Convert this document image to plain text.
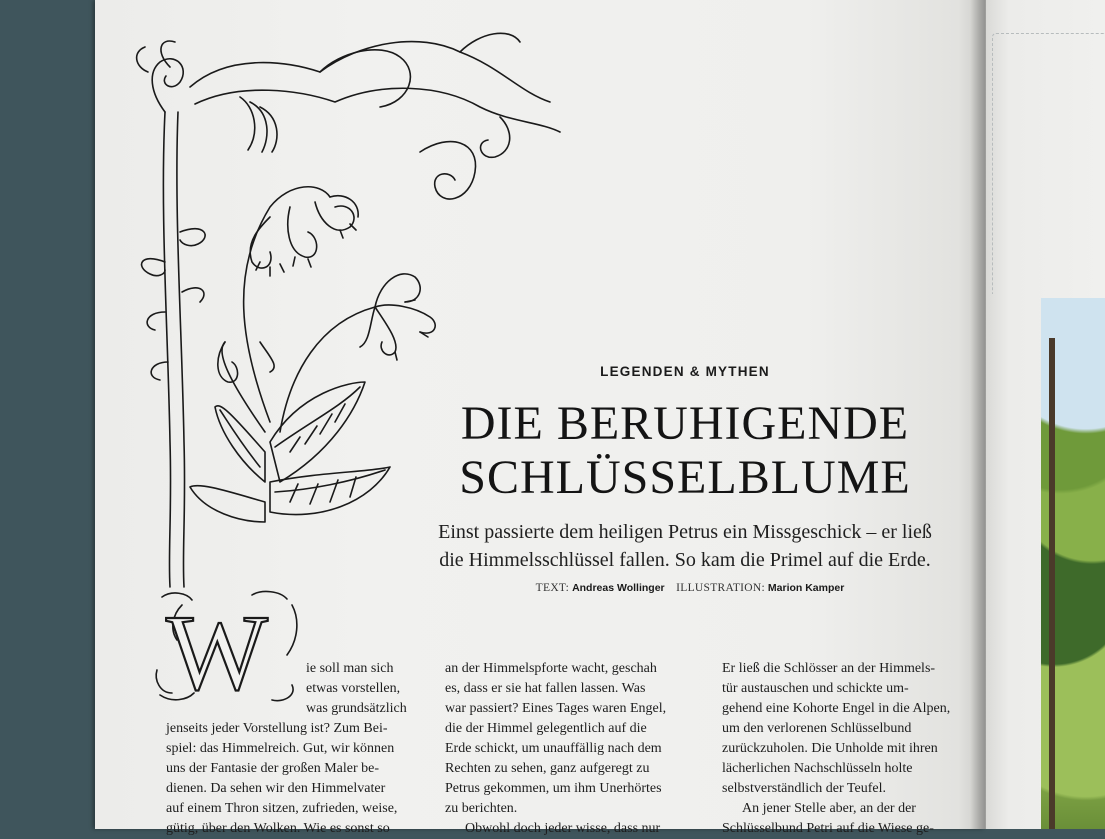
W
LEGENDEN & MYTHEN
DIE BERUHIGENDE
SCHLÜSSELBLUME
Einst passierte dem heiligen Petrus ein Missgeschick – er ließ
die Himmelsschlüssel fallen. So kam die Primel auf die Erde.
TEXT: Andreas Wollinger ILLUSTRATION: Marion Kamper
ie soll man sich
etwas vorstellen,
was grundsätzlich
jenseits jeder Vorstellung ist? Zum Bei-
spiel: das Himmelreich. Gut, wir können
uns der Fantasie der großen Maler be-
dienen. Da sehen wir den Himmelvater
auf einem Thron sitzen, zufrieden, weise,
gütig, über den Wolken. Wie es sonst so
an der Himmelspforte wacht, geschah
es, dass er sie hat fallen lassen. Was
war passiert? Eines Tages waren Engel,
die der Himmel gelegentlich auf die
Erde schickt, um unauffällig nach dem
Rechten zu sehen, ganz aufgeregt zu
Petrus gekommen, um ihm Unerhörtes
zu berichten.
Obwohl doch jeder wisse, dass nur
Er ließ die Schlösser an der Himmels-
tür austauschen und schickte um-
gehend eine Kohorte Engel in die Alpen,
um den verlorenen Schlüsselbund
zurückzuholen. Die Unholde mit ihren
lächerlichen Nachschlüsseln holte
selbstverständlich der Teufel.
An jener Stelle aber, an der der
Schlüsselbund Petri auf die Wiese ge-
